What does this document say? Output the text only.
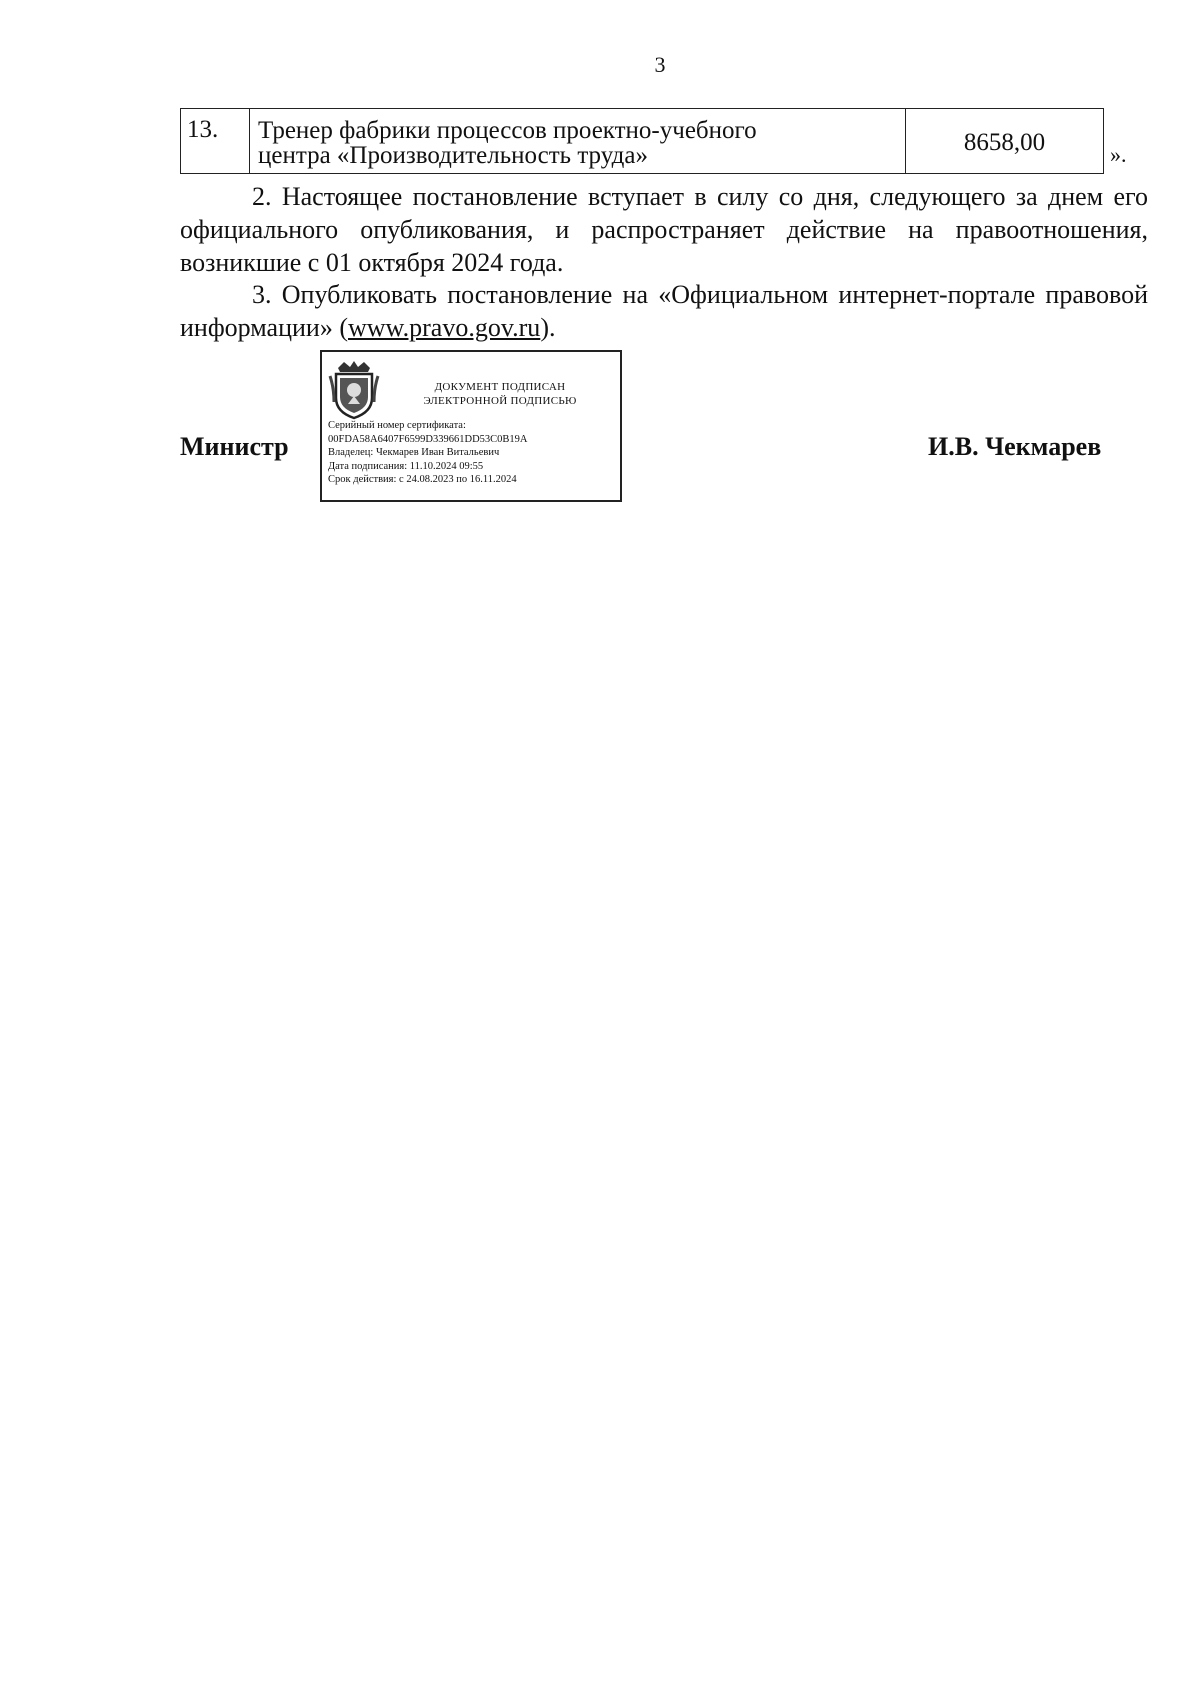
3
13.	Тренер фабрики процессов проектно-учебного
центра «Производительность труда»	8658,00	».

2. Настоящее постановление вступает в силу со дня, следующего за днем его официального опубликования, и распространяет действие на правоотношения, возникшие с 01 октября 2024 года.

3. Опубликовать постановление на «Официальном интернет-портале правовой информации» (www.pravo.gov.ru).

Министр
ДОКУМЕНТ ПОДПИСАН
ЭЛЕКТРОННОЙ ПОДПИСЬЮ
Серийный номер сертификата:
00FDA58A6407F6599D339661DD53C0B19A
Владелец: Чекмарев Иван Витальевич
Дата подписания: 11.10.2024 09:55
Срок действия: с 24.08.2023 по 16.11.2024
И.В. Чекмарев
